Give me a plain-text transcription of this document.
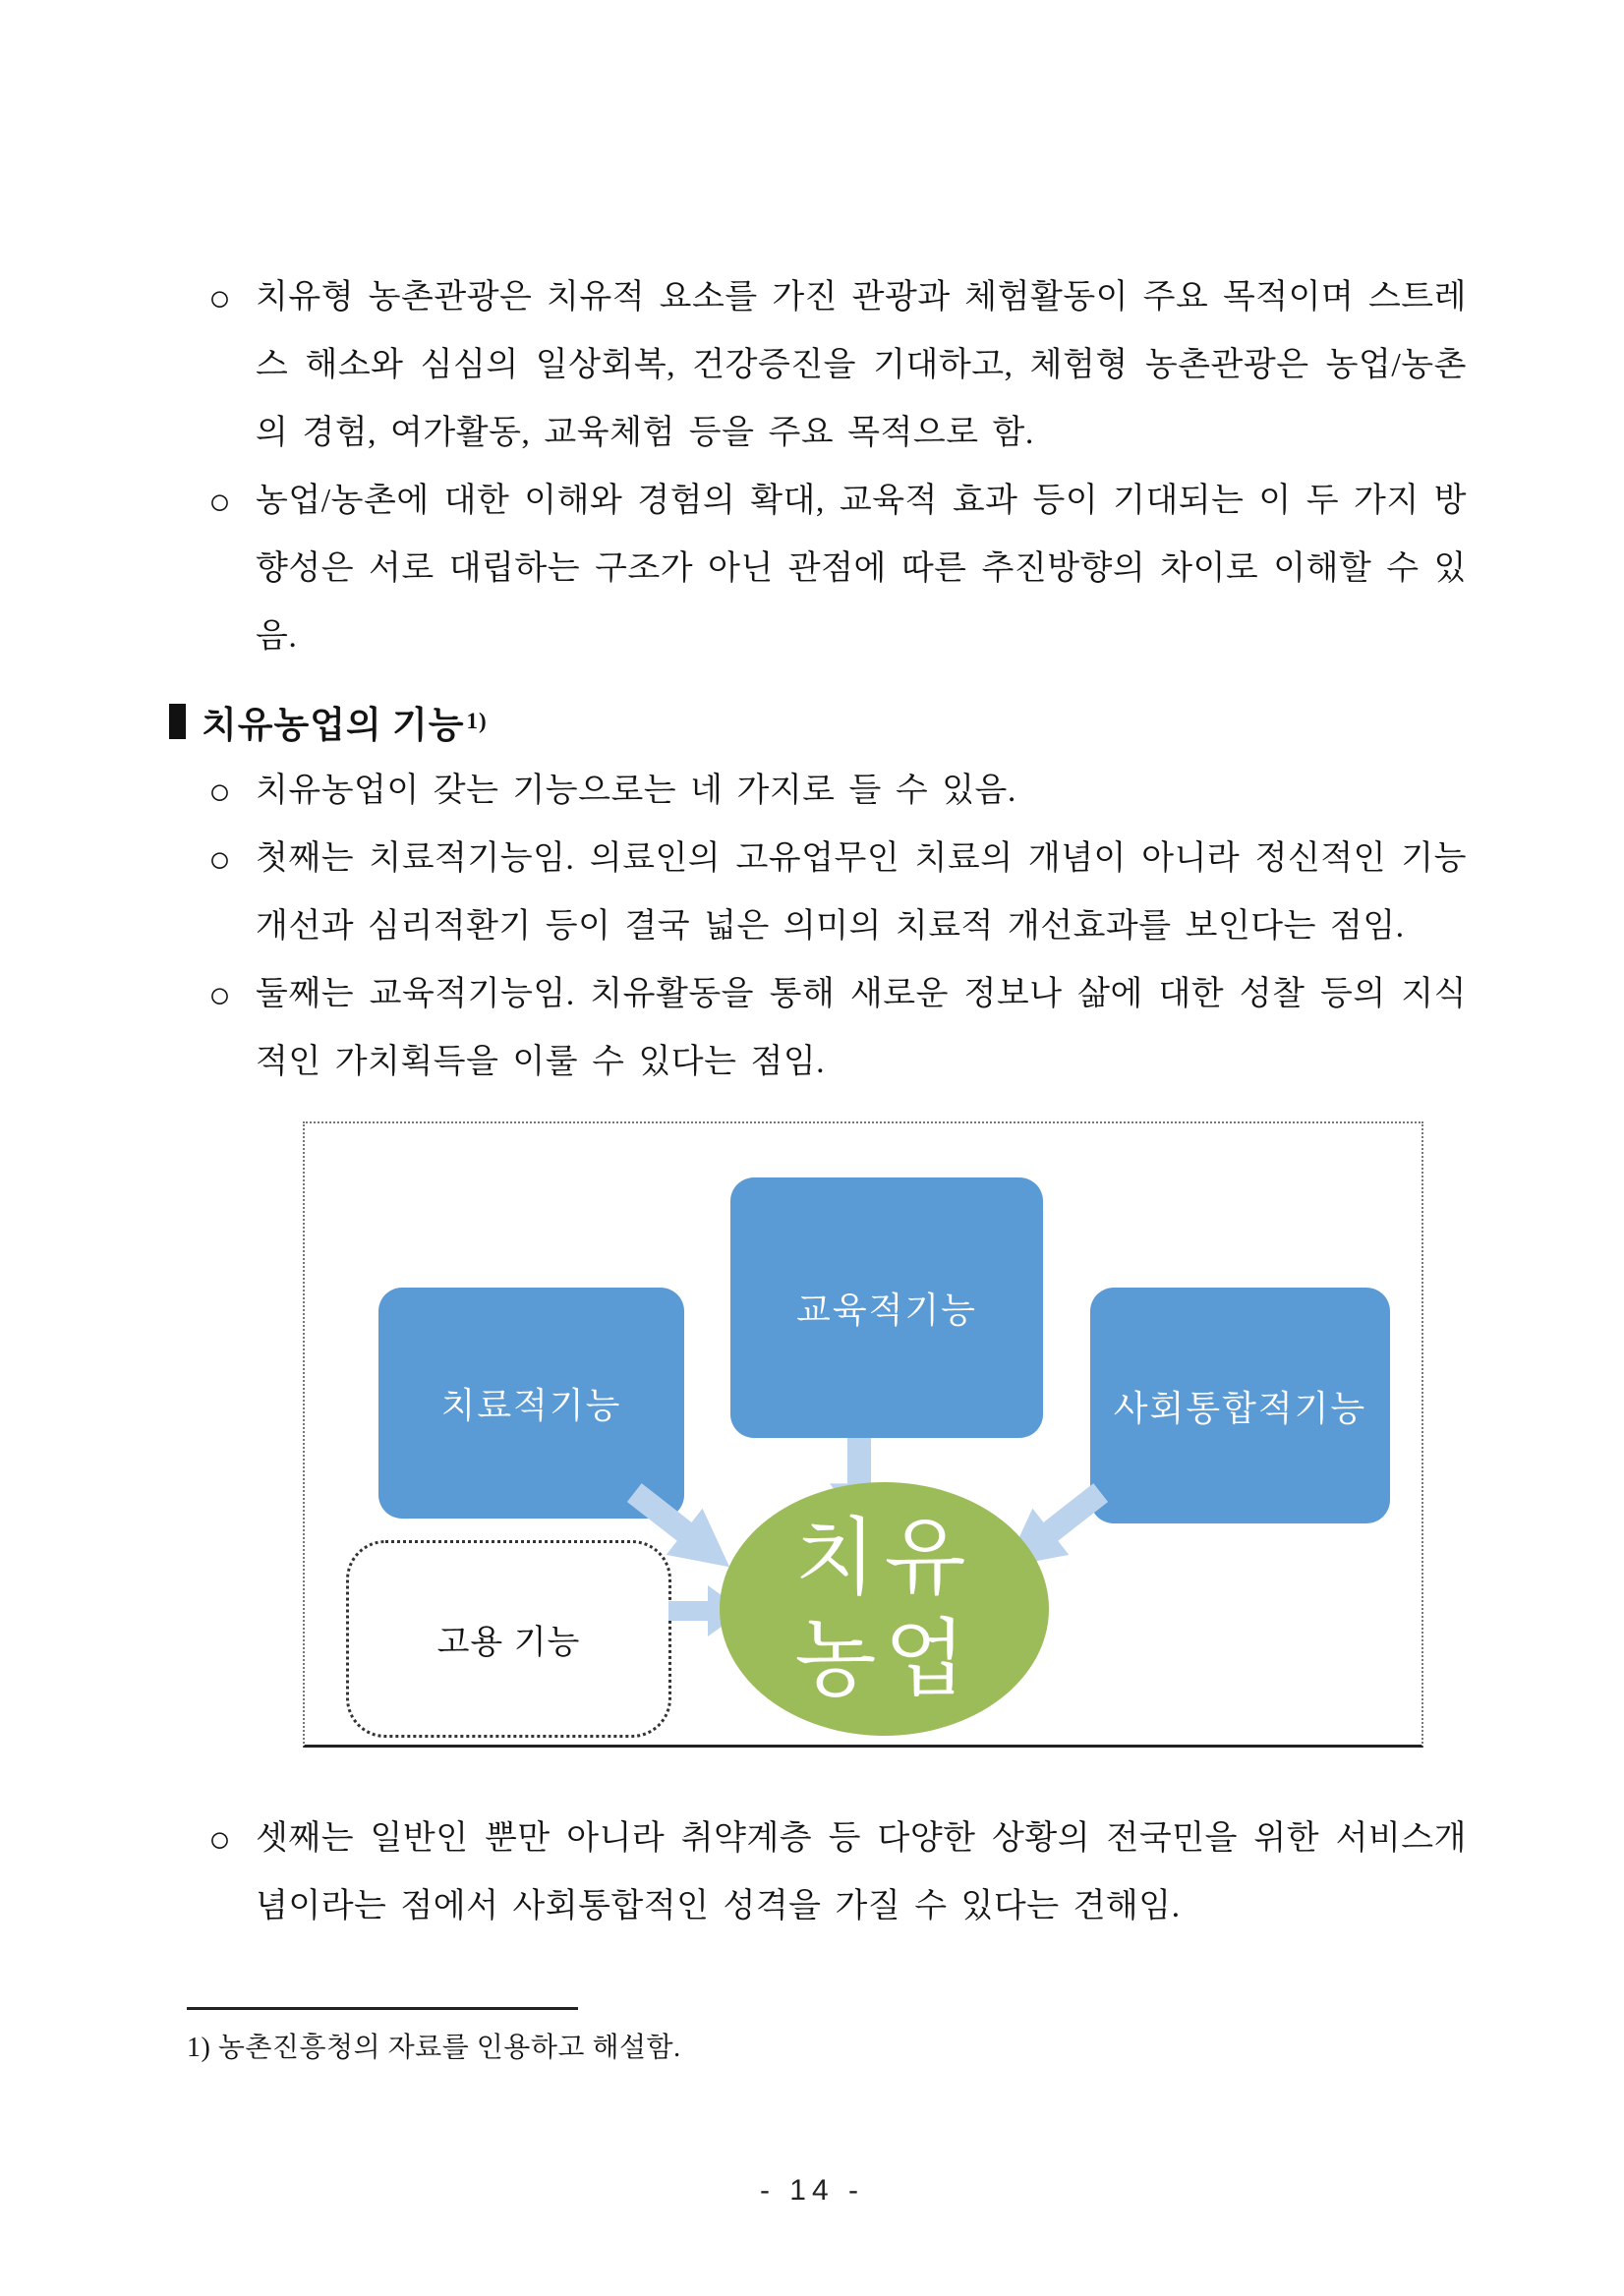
○ 치유형 농촌관광은 치유적 요소를 가진 관광과 체험활동이 주요 목적이며 스트레스 해소와 심심의 일상회복, 건강증진을 기대하고, 체험형 농촌관광은 농업/농촌의 경험, 여가활동, 교육체험 등을 주요 목적으로 함.
○ 농업/농촌에 대한 이해와 경험의 확대, 교육적 효과 등이 기대되는 이 두 가지 방향성은 서로 대립하는 구조가 아닌 관점에 따른 추진방향의 차이로 이해할 수 있음.
치유농업의 기능 1)
○ 치유농업이 갖는 기능으로는 네 가지로 들 수 있음.
○ 첫째는 치료적기능임. 의료인의 고유업무인 치료의 개념이 아니라 정신적인 기능개선과 심리적환기 등이 결국 넓은 의미의 치료적 개선효과를 보인다는 점임.
○ 둘째는 교육적기능임. 치유활동을 통해 새로운 정보나 삶에 대한 성찰 등의 지식적인 가치획득을 이룰 수 있다는 점임.
교육적기능
치료적기능	사회통합적기능
고용 기능
치유
농업
○ 셋째는 일반인 뿐만 아니라 취약계층 등 다양한 상황의 전국민을 위한 서비스개념이라는 점에서 사회통합적인 성격을 가질 수 있다는 견해임.
1) 농촌진흥청의 자료를 인용하고 해설함.
- 14 -
